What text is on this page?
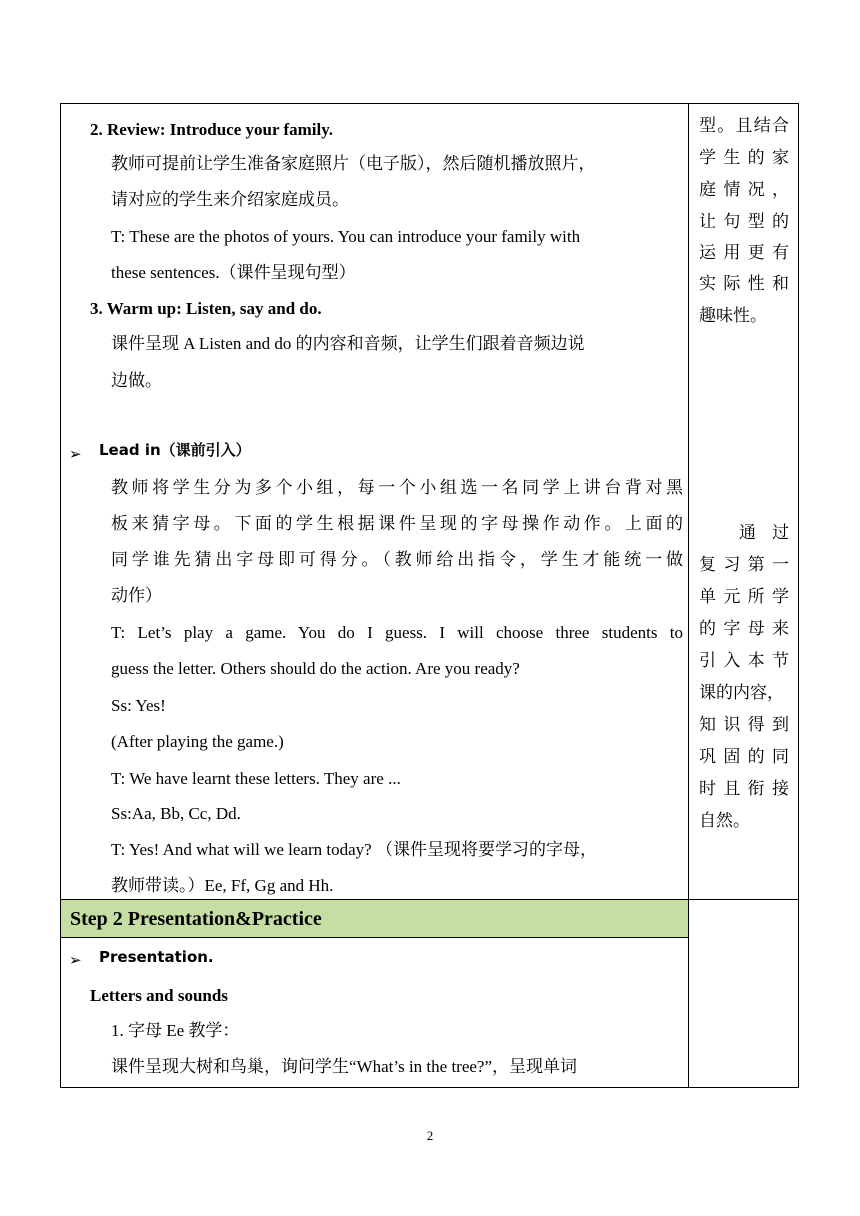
Step 2 Presentation&Practice
2. Review: Introduce your family.
教师可提前让学生准备家庭照片（电子版），然后随机播放照片，
请对应的学生来介绍家庭成员。
T: These are the photos of yours. You can introduce your family with
these sentences.（课件呈现句型）
3. Warm up: Listen, say and do.
课件呈现 A Listen and do 的内容和音频，让学生们跟着音频边说
边做。
➢ Lead in（课前引入）
教师将学生分为多个小组，每一个小组选一名同学上讲台背对黑
板来猜字母。下面的学生根据课件呈现的字母操作动作。上面的
同学谁先猜出字母即可得分。（教师给出指令，学生才能统一做
动作）
T: Let’s play a game. You do I guess. I will choose three students to
guess the letter. Others should do the action. Are you ready?
Ss: Yes!
(After playing the game.)
T: We have learnt these letters. They are ...
Ss:Aa, Bb, Cc, Dd.
T: Yes! And what will we learn today? （课件呈现将要学习的字母，
教师带读。）Ee, Ff, Gg and Hh.
➢ Presentation.
Letters and sounds
1. 字母 Ee 教学：
课件呈现大树和鸟巢，询问学生“What’s in the tree?”，呈现单词
型。且结合
学生的家
庭情况，
让句型的
运用更有
实际性和
趣味性。
通 过
复习第一
单元所学
的字母来
引入本节
课的内容，
知识得到
巩固的同
时且衔接
自然。
2
